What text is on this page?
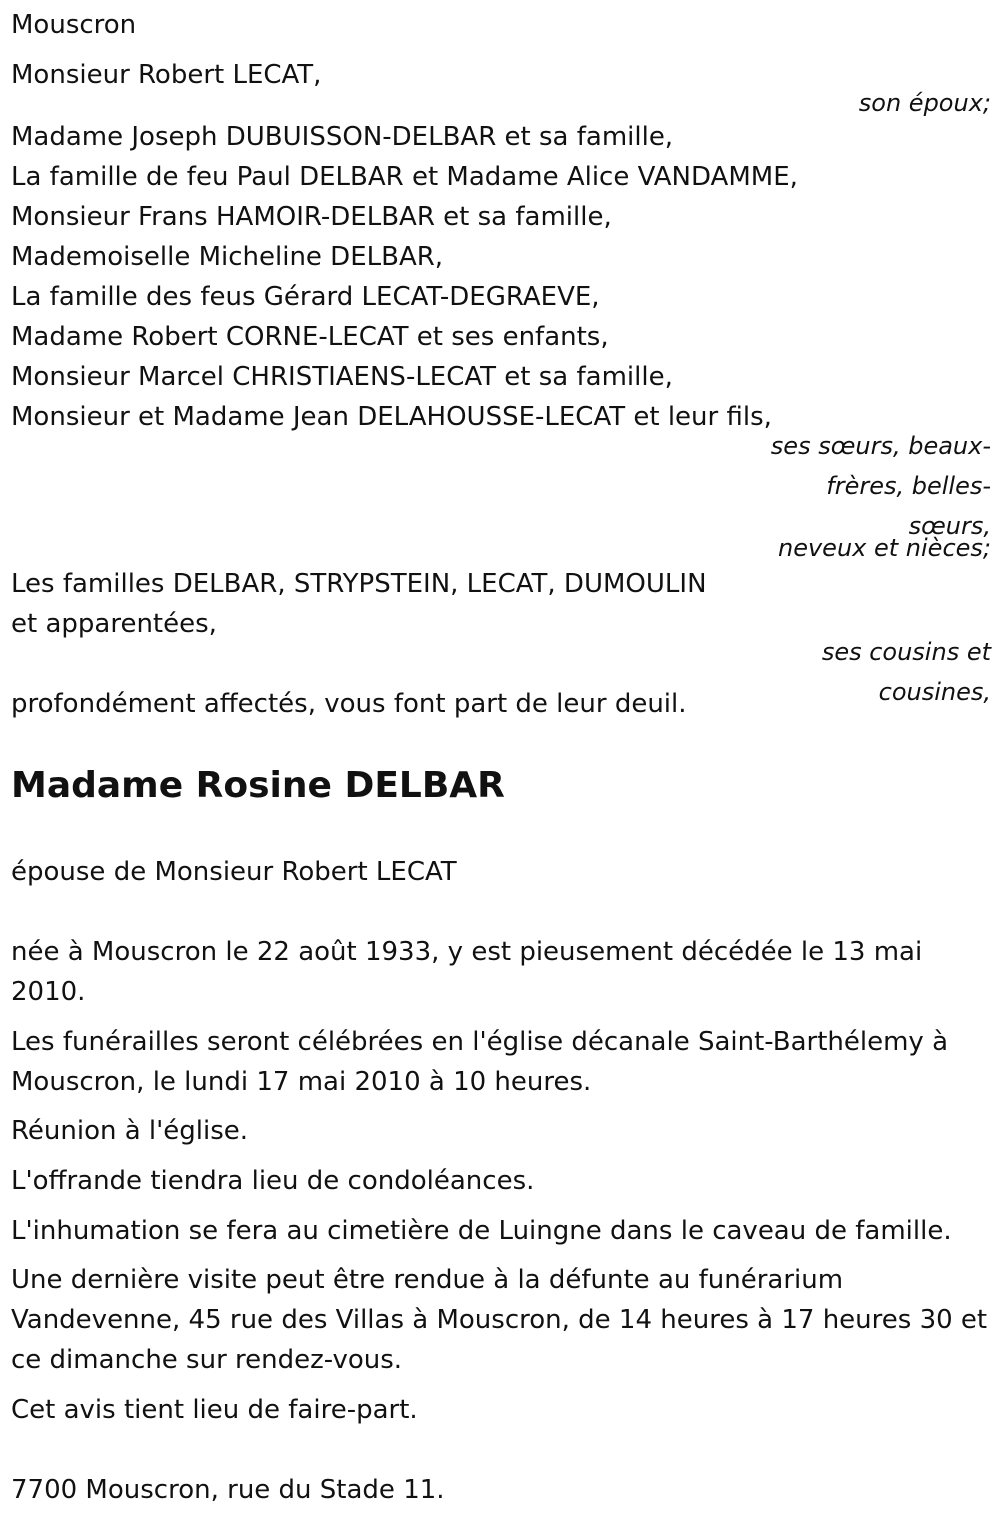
Mouscron
Monsieur Robert LECAT,
son époux;
Madame Joseph DUBUISSON-DELBAR et sa famille,
La famille de feu Paul DELBAR et Madame Alice VANDAMME,
Monsieur Frans HAMOIR-DELBAR et sa famille,
Mademoiselle Micheline DELBAR,
La famille des feus Gérard LECAT-DEGRAEVE,
Madame Robert CORNE-LECAT et ses enfants,
Monsieur Marcel CHRISTIAENS-LECAT et sa famille,
Monsieur et Madame Jean DELAHOUSSE-LECAT et leur fils,
ses sœurs, beaux-
frères, belles-
sœurs,
neveux et nièces;
Les familles DELBAR, STRYPSTEIN, LECAT, DUMOULIN
et apparentées,
ses cousins et
cousines,
profondément affectés, vous font part de leur deuil.
Madame Rosine DELBAR
épouse de Monsieur Robert LECAT
née à Mouscron le 22 août 1933, y est pieusement décédée le 13 mai
2010.
Les funérailles seront célébrées en l'église décanale Saint-Barthélemy à
Mouscron, le lundi 17 mai 2010 à 10 heures.
Réunion à l'église.
L'offrande tiendra lieu de condoléances.
L'inhumation se fera au cimetière de Luingne dans le caveau de famille.
Une dernière visite peut être rendue à la défunte au funérarium
Vandevenne, 45 rue des Villas à Mouscron, de 14 heures à 17 heures 30 et
ce dimanche sur rendez-vous.
Cet avis tient lieu de faire-part.
7700 Mouscron, rue du Stade 11.
